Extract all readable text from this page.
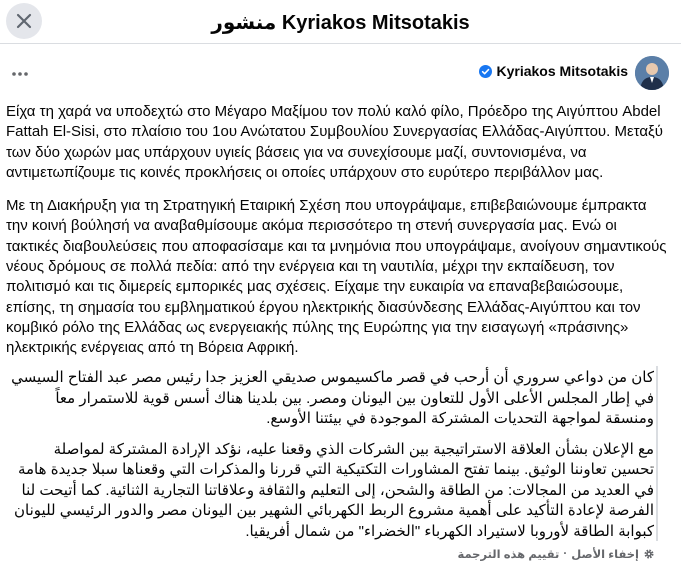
منشور Kyriakos Mitsotakis
Kyriakos Mitsotakis

Είχα τη χαρά να υποδεχτώ στο Μέγαρο Μαξίμου τον πολύ καλό φίλο, Πρόεδρο της Αιγύπτου Abdel Fattah El-Sisi, στο πλαίσιο του 1ου Ανώτατου Συμβουλίου Συνεργασίας Ελλάδας-Αιγύπτου. Μεταξύ των δύο χωρών μας υπάρχουν υγιείς βάσεις για να συνεχίσουμε μαζί, συντονισμένα, να αντιμετωπίζουμε τις κοινές προκλήσεις οι οποίες υπάρχουν στο ευρύτερο περιβάλλον μας.

Με τη Διακήρυξη για τη Στρατηγική Εταιρική Σχέση που υπογράψαμε, επιβεβαιώνουμε έμπρακτα την κοινή βούλησή να αναβαθμίσουμε ακόμα περισσότερο τη στενή συνεργασία μας. Ενώ οι τακτικές διαβουλεύσεις που αποφασίσαμε και τα μνημόνια που υπογράψαμε, ανοίγουν σημαντικούς νέους δρόμους σε πολλά πεδία: από την ενέργεια και τη ναυτιλία, μέχρι την εκπαίδευση, τον πολιτισμό και τις διμερείς εμπορικές μας σχέσεις. Είχαμε την ευκαιρία να επαναβεβαιώσουμε, επίσης, τη σημασία του εμβληματικού έργου ηλεκτρικής διασύνδεσης Ελλάδας-Αιγύπτου και τον κομβικό ρόλο της Ελλάδας ως ενεργειακής πύλης της Ευρώπης για την εισαγωγή «πράσινης» ηλεκτρικής ενέργειας από τη Βόρεια Αφρική.

كان من دواعي سروري أن أرحب في قصر ماكسيموس صديقي العزيز جدا رئيس مصر عبد الفتاح السيسي في إطار المجلس الأعلى الأول للتعاون بين اليونان ومصر. بين بلدينا هناك أسس قوية للاستمرار معاً ومنسقة لمواجهة التحديات المشتركة الموجودة في بيئتنا الأوسع.

مع الإعلان بشأن العلاقة الاستراتيجية بين الشركات الذي وقعنا عليه، نؤكد الإرادة المشتركة لمواصلة تحسين تعاوننا الوثيق. بينما تفتح المشاورات التكتيكية التي قررنا والمذكرات التي وقعناها سبلا جديدة هامة في العديد من المجالات: من الطاقة والشحن، إلى التعليم والثقافة وعلاقاتنا التجارية الثنائية. كما أتيحت لنا الفرصة لإعادة التأكيد على أهمية مشروع الربط الكهربائي الشهير بين اليونان مصر والدور الرئيسي لليونان كبوابة الطاقة لأوروبا لاستيراد الكهرباء "الخضراء" من شمال أفريقيا.

إخفاء الأصل
·
تقييم هذه الترجمة
